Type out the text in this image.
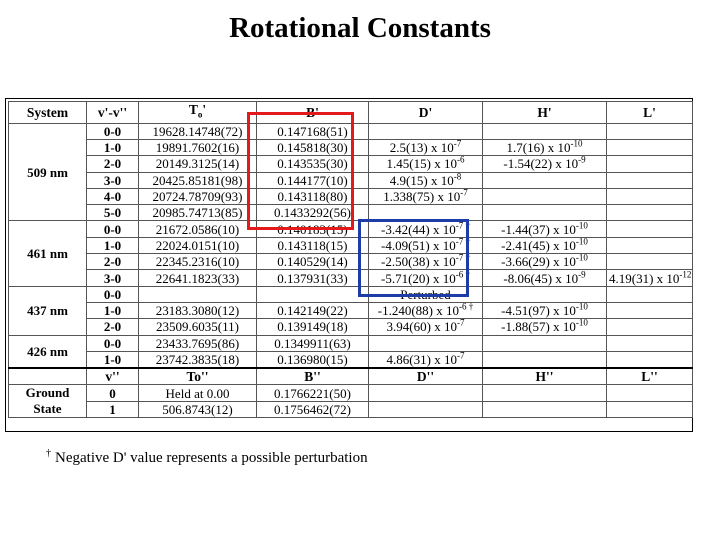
Rotational Constants
System	v'-v''	$T_o'$	B'	D'	H'	L'
509 nm	0-0	19628.14748(72)	0.147168(51)			
	1-0	19891.7602(16)	0.145818(30)	2.5(13) x $10^{-7}$	1.7(16) x $10^{-10}$	
	2-0	20149.3125(14)	0.143535(30)	1.45(15) x $10^{-6}$	-1.54(22) x $10^{-9}$	
	3-0	20425.85181(98)	0.144177(10)	4.9(15) x $10^{-8}$		
	4-0	20724.78709(93)	0.143118(80)	1.338(75) x $10^{-7}$		
	5-0	20985.74713(85)	0.1433292(56)			
461 nm	0-0	21672.0586(10)	0.140183(15)	-3.42(44) x $10^{-7}$ †	-1.44(37) x $10^{-10}$	
	1-0	22024.0151(10)	0.143118(15)	-4.09(51) x $10^{-7}$ †	-2.41(45) x $10^{-10}$	
	2-0	22345.2316(10)	0.140529(14)	-2.50(38) x $10^{-7}$ †	-3.66(29) x $10^{-10}$	
	3-0	22641.1823(33)	0.137931(33)	-5.71(20) x $10^{-6}$ †	-8.06(45) x $10^{-9}$	4.19(31) x $10^{-12}$
437 nm	0-0			Perturbed		
	1-0	23183.3080(12)	0.142149(22)	-1.240(88) x $10^{-6}$ †	-4.51(97) x $10^{-10}$	
	2-0	23509.6035(11)	0.139149(18)	3.94(60) x $10^{-7}$	-1.88(57) x $10^{-10}$	
426 nm	0-0	23433.7695(86)	0.1349911(63)			
	1-0	23742.3835(18)	0.136980(15)	4.86(31) x $10^{-7}$		
	v''	To''	B''	D''	H''	L''
Ground State	0	Held at 0.00	0.1766221(50)			
	1	506.8743(12)	0.1756462(72)			
† Negative D' value represents a possible perturbation
